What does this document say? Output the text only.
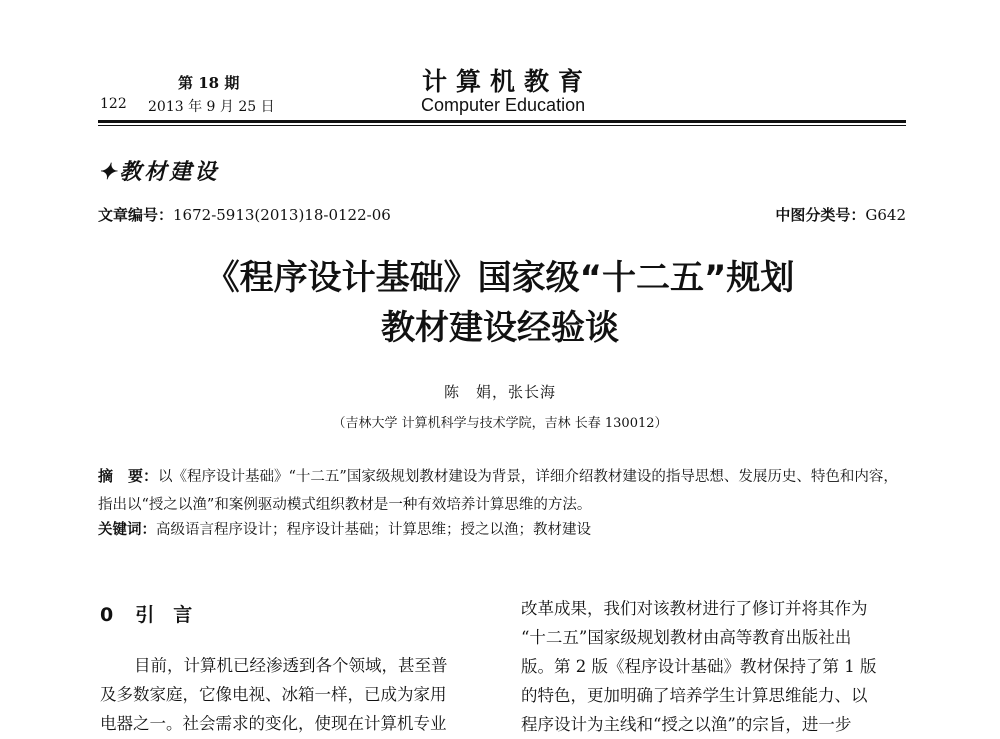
第 18 期
122 2013 年 9 月 25 日
计算机教育
Computer Education
✦教材建设
文章编号：1672-5913(2013)18-0122-06	中图分类号：G642
《程序设计基础》国家级“十二五”规划
教材建设经验谈
陈　娟，张长海
（吉林大学 计算机科学与技术学院，吉林 长春 130012）
摘　要：以《程序设计基础》“十二五”国家级规划教材建设为背景，详细介绍教材建设的指导思想、发展历史、特色和内容，指出以“授之以渔”和案例驱动模式组织教材是一种有效培养计算思维的方法。
关键词：高级语言程序设计；程序设计基础；计算思维；授之以渔；教材建设
0 引　言
目前，计算机已经渗透到各个领域，甚至普
及多数家庭，它像电视、冰箱一样，已成为家用
电器之一。社会需求的变化，使现在计算机专业
改革成果，我们对该教材进行了修订并将其作为
“十二五”国家级规划教材由高等教育出版社出
版。第 2 版《程序设计基础》教材保持了第 1 版
的特色，更加明确了培养学生计算思维能力、以
程序设计为主线和“授之以渔”的宗旨，进一步
